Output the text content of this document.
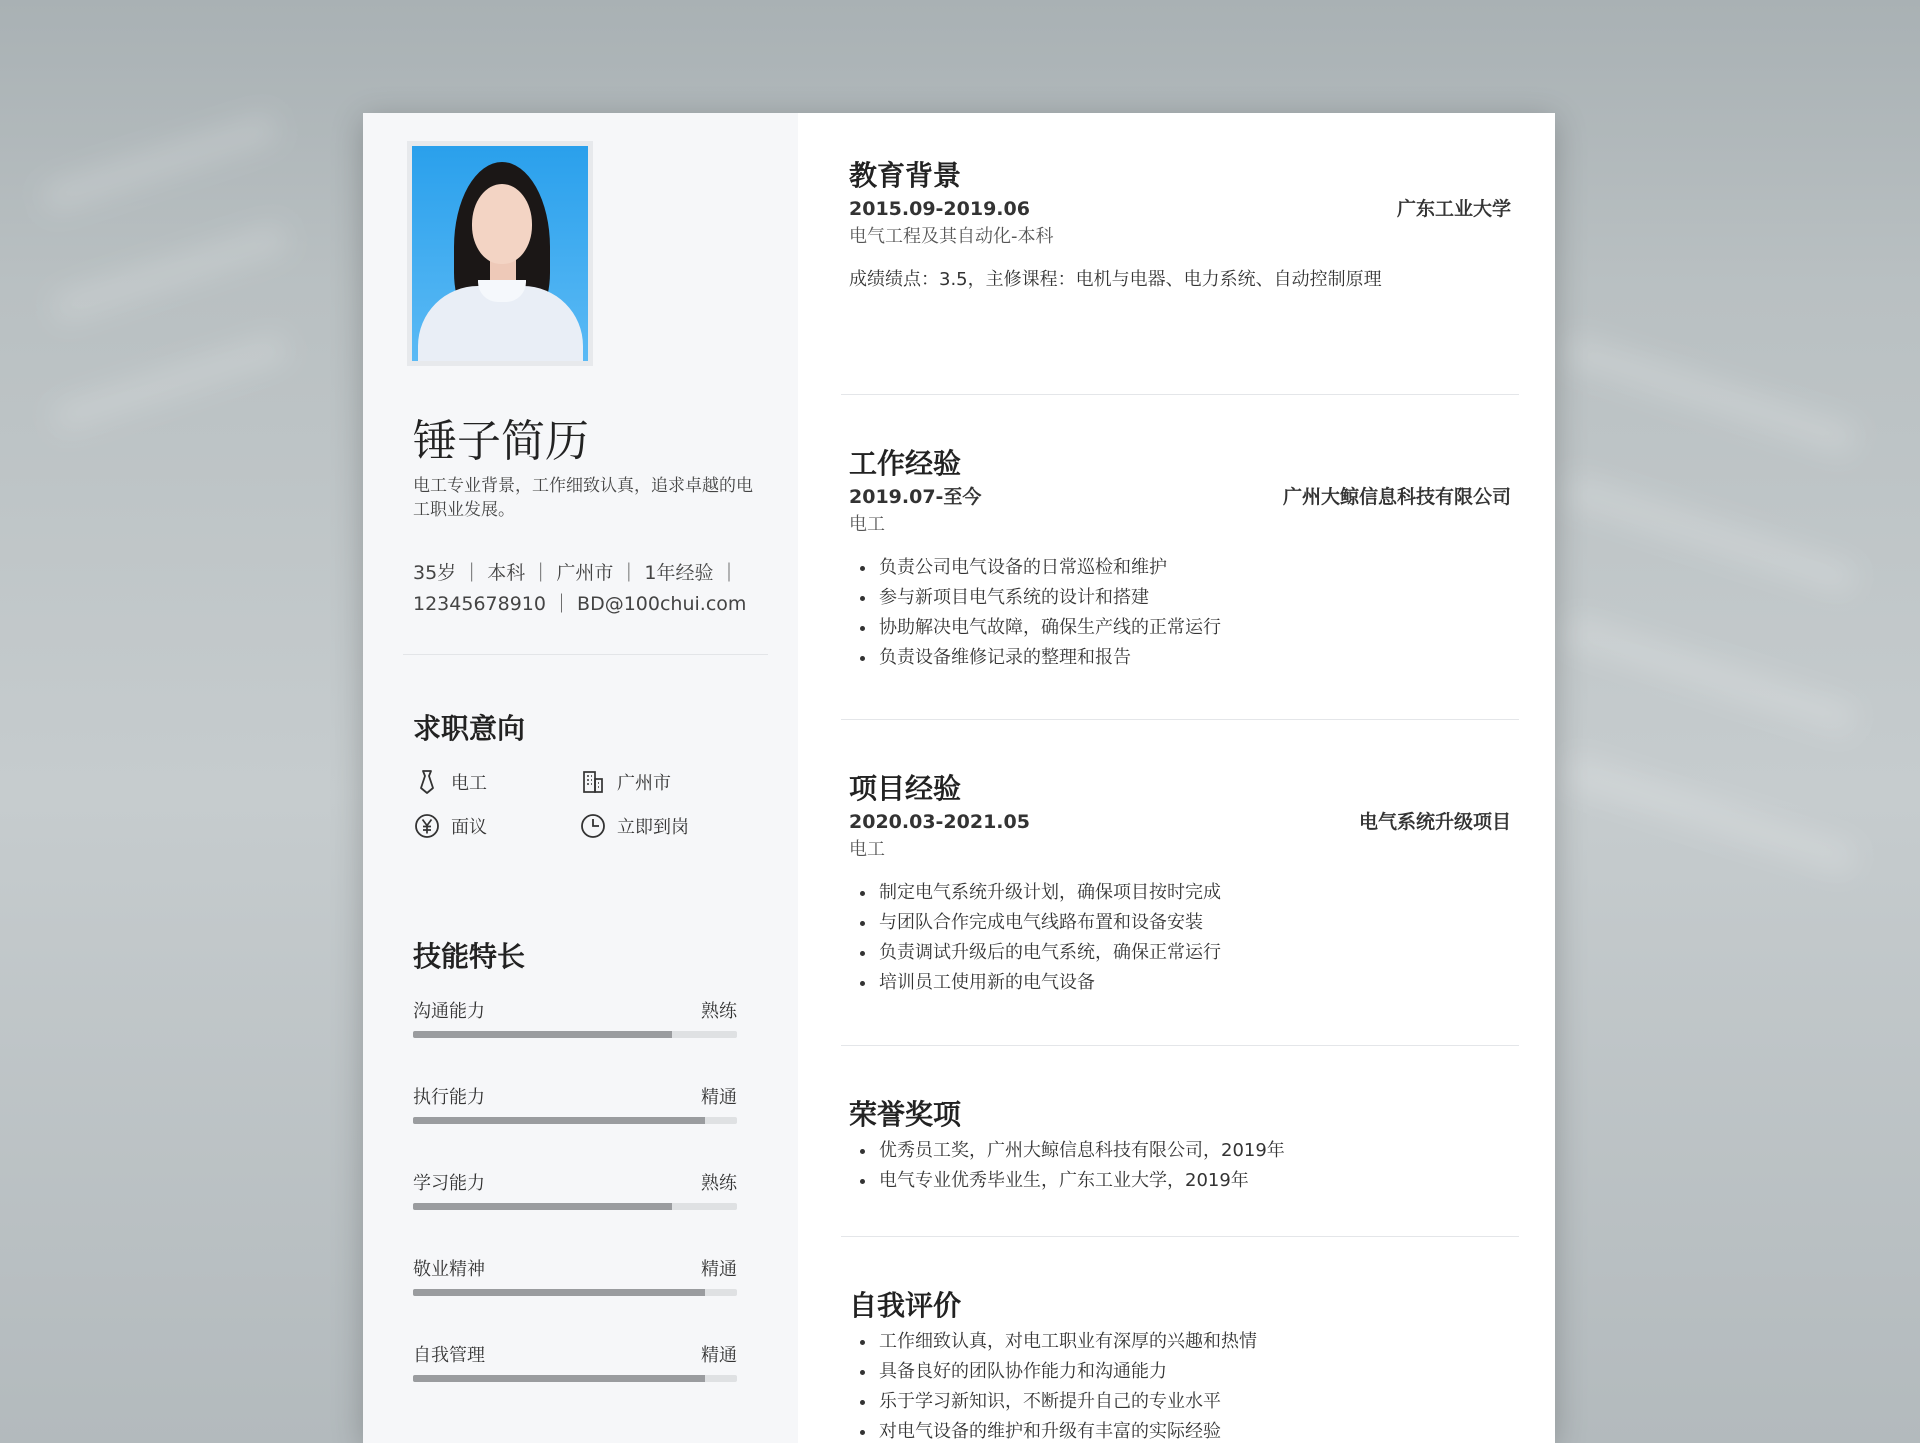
锤子简历
电工专业背景，工作细致认真，追求卓越的电工职业发展。
35岁 ｜ 本科 ｜ 广州市 ｜ 1年经验 ｜ 12345678910 ｜ BD@100chui.com
求职意向
电工	广州市
面议	立即到岗
技能特长
沟通能力	熟练
执行能力	精通
学习能力	熟练
敬业精神	精通
自我管理	精通
教育背景
2015.09-2019.06	广东工业大学
电气工程及其自动化-本科
成绩绩点：3.5，主修课程：电机与电器、电力系统、自动控制原理
工作经验
2019.07-至今	广州大鲸信息科技有限公司
电工
• 负责公司电气设备的日常巡检和维护
• 参与新项目电气系统的设计和搭建
• 协助解决电气故障，确保生产线的正常运行
• 负责设备维修记录的整理和报告
项目经验
2020.03-2021.05	电气系统升级项目
电工
• 制定电气系统升级计划，确保项目按时完成
• 与团队合作完成电气线路布置和设备安装
• 负责调试升级后的电气系统，确保正常运行
• 培训员工使用新的电气设备
荣誉奖项
• 优秀员工奖，广州大鲸信息科技有限公司，2019年
• 电气专业优秀毕业生，广东工业大学，2019年
自我评价
• 工作细致认真，对电工职业有深厚的兴趣和热情
• 具备良好的团队协作能力和沟通能力
• 乐于学习新知识，不断提升自己的专业水平
• 对电气设备的维护和升级有丰富的实际经验
